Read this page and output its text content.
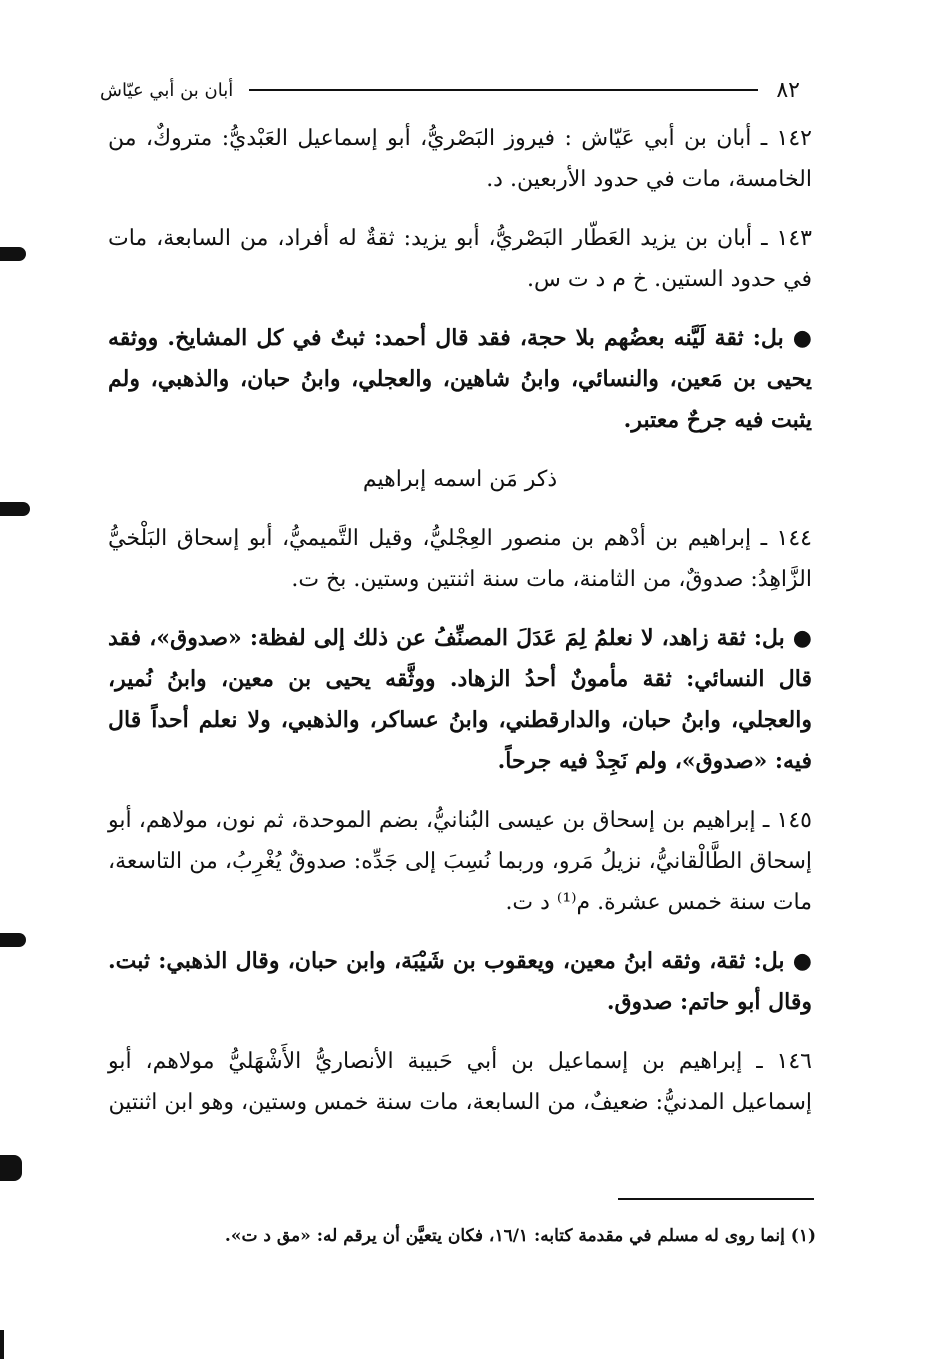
٨٢
أبان بن أبي عيّاش

١٤٢ ـ أبان بن أبي عَيّاش : فيروز البَصْريُّ، أبو إسماعيل العَبْديُّ: متروكٌ، من الخامسة، مات في حدود الأربعين. د.

١٤٣ ـ أبان بن يزيد العَطّار البَصْريُّ، أبو يزيد: ثقةٌ له أفراد، من السابعة، مات في حدود الستين. خ م د ت س.

● بل: ثقة لَيَّنه بعضُهم بلا حجة، فقد قال أحمد: ثبتٌ في كل المشايخ. ووثقه يحيى بن مَعين، والنسائي، وابنُ شاهين، والعجلي، وابنُ حبان، والذهبي، ولم يثبت فيه جرحٌ معتبر.

ذكر مَن اسمه إبراهيم

١٤٤ ـ إبراهيم بن أدْهم بن منصور العِجْليُّ، وقيل التَّميميُّ، أبو إسحاق البَلْخيُّ الزَّاهِدُ: صدوقٌ، من الثامنة، مات سنة اثنتين وستين. بخ ت.

● بل: ثقة زاهد، لا نعلمُ لِمَ عَدَلَ المصنِّفُ عن ذلك إلى لفظة: «صدوق»، فقد قال النسائي: ثقة مأمونٌ أحدُ الزهاد. ووثَّقه يحيى بن معين، وابنُ نُمير، والعجلي، وابنُ حبان، والدارقطني، وابنُ عساكر، والذهبي، ولا نعلم أحداً قال فيه: «صدوق»، ولم نَجِدْ فيه جرحاً.

١٤٥ ـ إبراهيم بن إسحاق بن عيسى البُنانيُّ، بضم الموحدة، ثم نون، مولاهم، أبو إسحاق الطَّالْقانيُّ، نزيلُ مَرو، وربما نُسِبَ إلى جَدِّه: صدوقٌ يُغْرِبُ، من التاسعة، مات سنة خمس عشرة. م⁽¹⁾ د ت.

● بل: ثقة، وثقه ابنُ معين، ويعقوب بن شَيْبَة، وابن حبان، وقال الذهبي: ثبت. وقال أبو حاتم: صدوق.

١٤٦ ـ إبراهيم بن إسماعيل بن أبي حَبيبة الأنصاريُّ الأَشْهَليُّ مولاهم، أبو إسماعيل المدنيُّ: ضعيفٌ، من السابعة، مات سنة خمس وستين، وهو ابن اثنتين

(١) إنما روى له مسلم في مقدمة كتابه: ١٦/١، فكان يتعيَّن أن يرقم له: «مق د ت».
